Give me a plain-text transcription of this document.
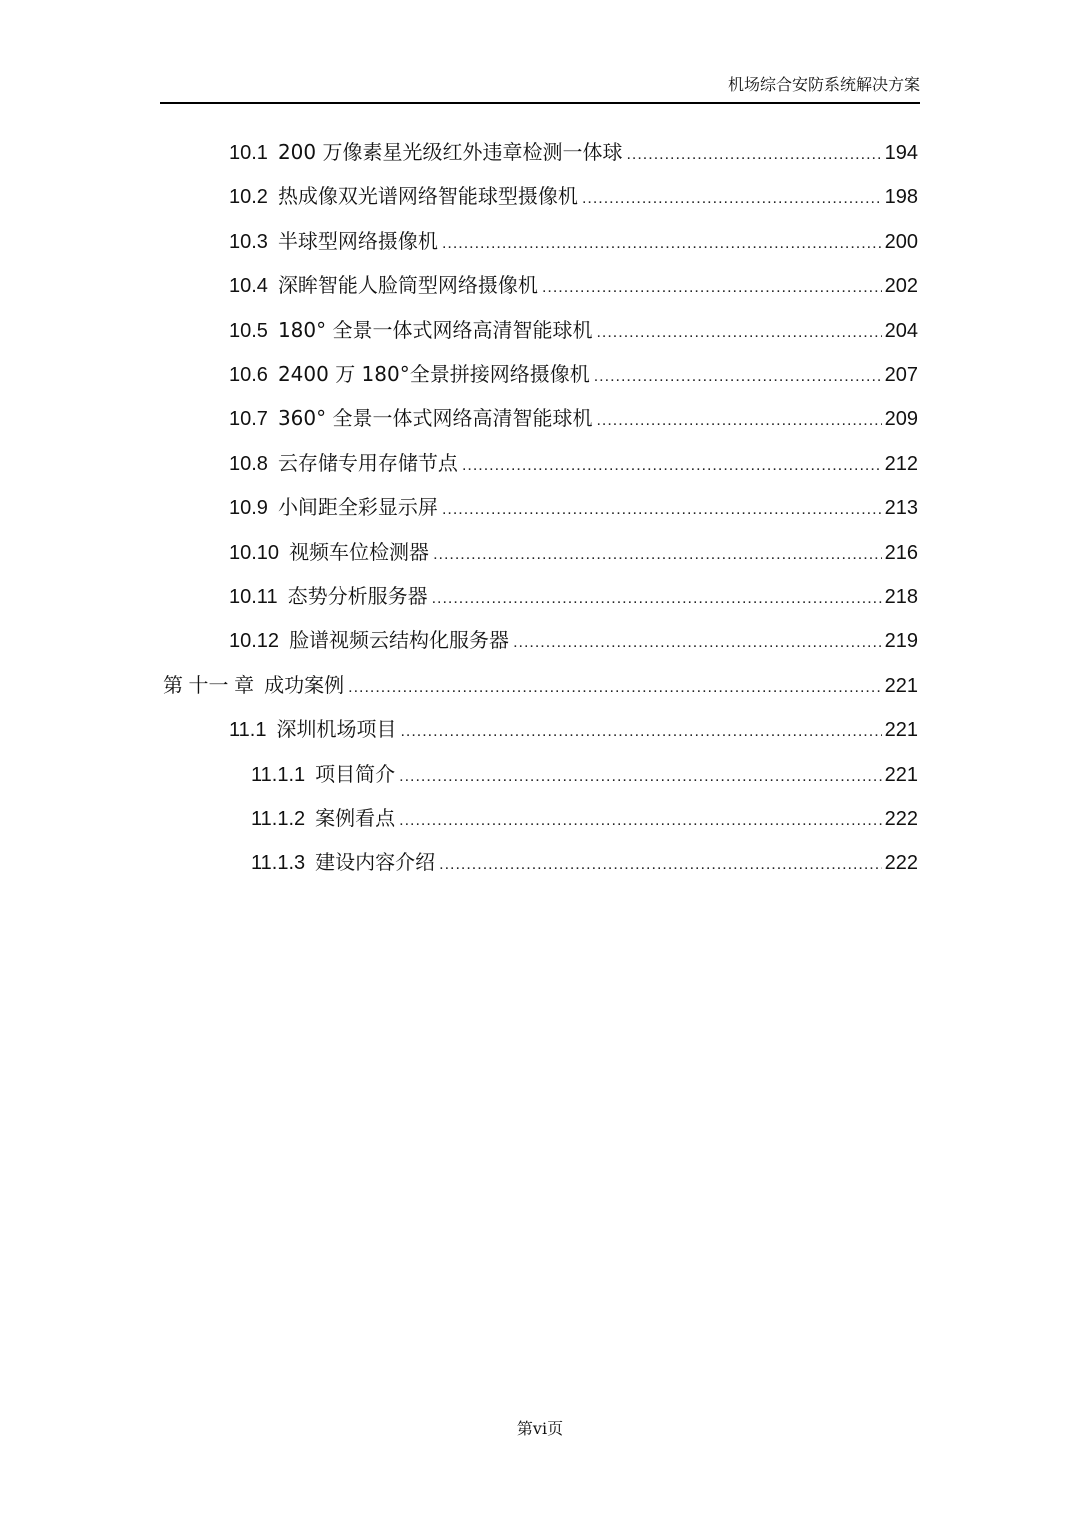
机场综合安防系统解决方案
10.1 200 万像素星光级红外违章检测一体球 .....	194
10.2 热成像双光谱网络智能球型摄像机 .....	198
10.3 半球型网络摄像机 .....	200
10.4 深眸智能人脸筒型网络摄像机 .....	202
10.5 180° 全景一体式网络高清智能球机 .....	204
10.6 2400 万 180°全景拼接网络摄像机 .....	207
10.7 360° 全景一体式网络高清智能球机 .....	209
10.8 云存储专用存储节点 .....	212
10.9 小间距全彩显示屏 .....	213
10.10 视频车位检测器 .....	216
10.11 态势分析服务器 .....	218
10.12 脸谱视频云结构化服务器 .....	219
第 十一 章 成功案例 .....	221
11.1 深圳机场项目 .....	221
11.1.1 项目简介 .....	221
11.1.2 案例看点 .....	222
11.1.3 建设内容介绍 .....	222
第vi页
